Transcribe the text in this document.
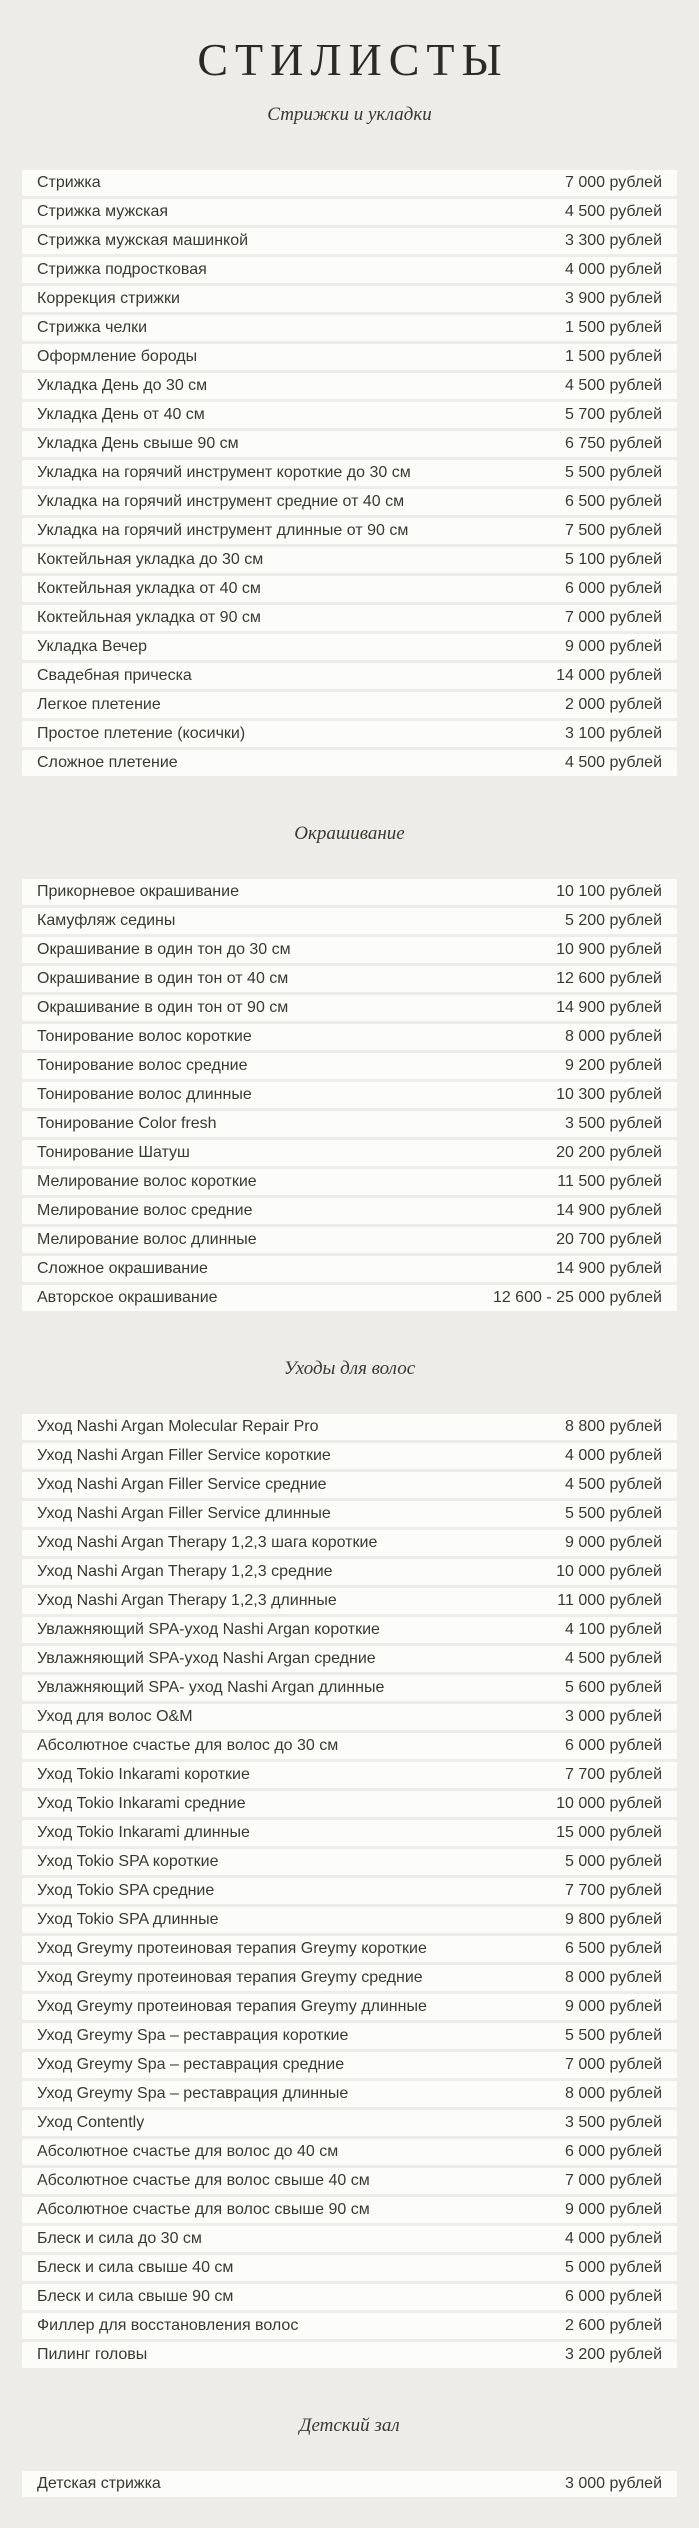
СТИЛИСТЫ
Стрижки и укладки
Стрижка	7 000 рублей
Стрижка мужская	4 500 рублей
Стрижка мужская машинкой	3 300 рублей
Стрижка подростковая	4 000 рублей
Коррекция стрижки	3 900 рублей
Стрижка челки	1 500 рублей
Оформление бороды	1 500 рублей
Укладка День до 30 см	4 500 рублей
Укладка День от 40 см	5 700 рублей
Укладка День свыше 90 см	6 750 рублей
Укладка на горячий инструмент короткие до 30 см	5 500 рублей
Укладка на горячий инструмент средние от 40 см	6 500 рублей
Укладка на горячий инструмент длинные от 90 см	7 500 рублей
Коктейльная укладка до 30 см	5 100 рублей
Коктейльная укладка от 40 см	6 000 рублей
Коктейльная укладка от 90 см	7 000 рублей
Укладка Вечер	9 000 рублей
Свадебная прическа	14 000 рублей
Легкое плетение	2 000 рублей
Простое плетение (косички)	3 100 рублей
Сложное плетение	4 500 рублей
Окрашивание
Прикорневое окрашивание	10 100 рублей
Камуфляж седины	5 200 рублей
Окрашивание в один тон до 30 см	10 900 рублей
Окрашивание в один тон от 40 см	12 600 рублей
Окрашивание в один тон от 90 см	14 900 рублей
Тонирование волос короткие	8 000 рублей
Тонирование волос средние	9 200 рублей
Тонирование волос длинные	10 300 рублей
Тонирование Color fresh	3 500 рублей
Тонирование Шатуш	20 200 рублей
Мелирование волос короткие	11 500 рублей
Мелирование волос средние	14 900 рублей
Мелирование волос длинные	20 700 рублей
Сложное окрашивание	14 900 рублей
Авторское окрашивание	12 600 - 25 000 рублей
Уходы для волос
Уход Nashi Argan Molecular Repair Pro	8 800 рублей
Уход Nashi Argan Filler Service короткие	4 000 рублей
Уход Nashi Argan Filler Service средние	4 500 рублей
Уход Nashi Argan Filler Service длинные	5 500 рублей
Уход Nashi Argan Therapy 1,2,3 шага короткие	9 000 рублей
Уход Nashi Argan Therapy 1,2,3 средние	10 000 рублей
Уход Nashi Argan Therapy 1,2,3 длинные	11 000 рублей
Увлажняющий SPA-уход Nashi Argan короткие	4 100 рублей
Увлажняющий SPA-уход Nashi Argan средние	4 500 рублей
Увлажняющий SPA- уход Nashi Argan длинные	5 600 рублей
Уход для волос O&M	3 000 рублей
Абсолютное счастье для волос до 30 см	6 000 рублей
Уход Tokio Inkarami короткие	7 700 рублей
Уход Tokio Inkarami средние	10 000 рублей
Уход Tokio Inkarami длинные	15 000 рублей
Уход Tokio SPA короткие	5 000 рублей
Уход Tokio SPA средние	7 700 рублей
Уход Tokio SPA длинные	9 800 рублей
Уход Greymy протеиновая терапия Greymy короткие	6 500 рублей
Уход Greymy протеиновая терапия Greymy средние	8 000 рублей
Уход Greymy протеиновая терапия Greymy длинные	9 000 рублей
Уход Greymy Spa – реставрация короткие	5 500 рублей
Уход Greymy Spa – реставрация средние	7 000 рублей
Уход Greymy Spa – реставрация длинные	8 000 рублей
Уход Contently	3 500 рублей
Абсолютное счастье для волос до 40 см	6 000 рублей
Абсолютное счастье для волос свыше 40 см	7 000 рублей
Абсолютное счастье для волос свыше 90 см	9 000 рублей
Блеск и сила до 30 см	4 000 рублей
Блеск и сила свыше 40 см	5 000 рублей
Блеск и сила свыше 90 см	6 000 рублей
Филлер для восстановления волос	2 600 рублей
Пилинг головы	3 200 рублей
Детский зал
Детская стрижка	3 000 рублей
